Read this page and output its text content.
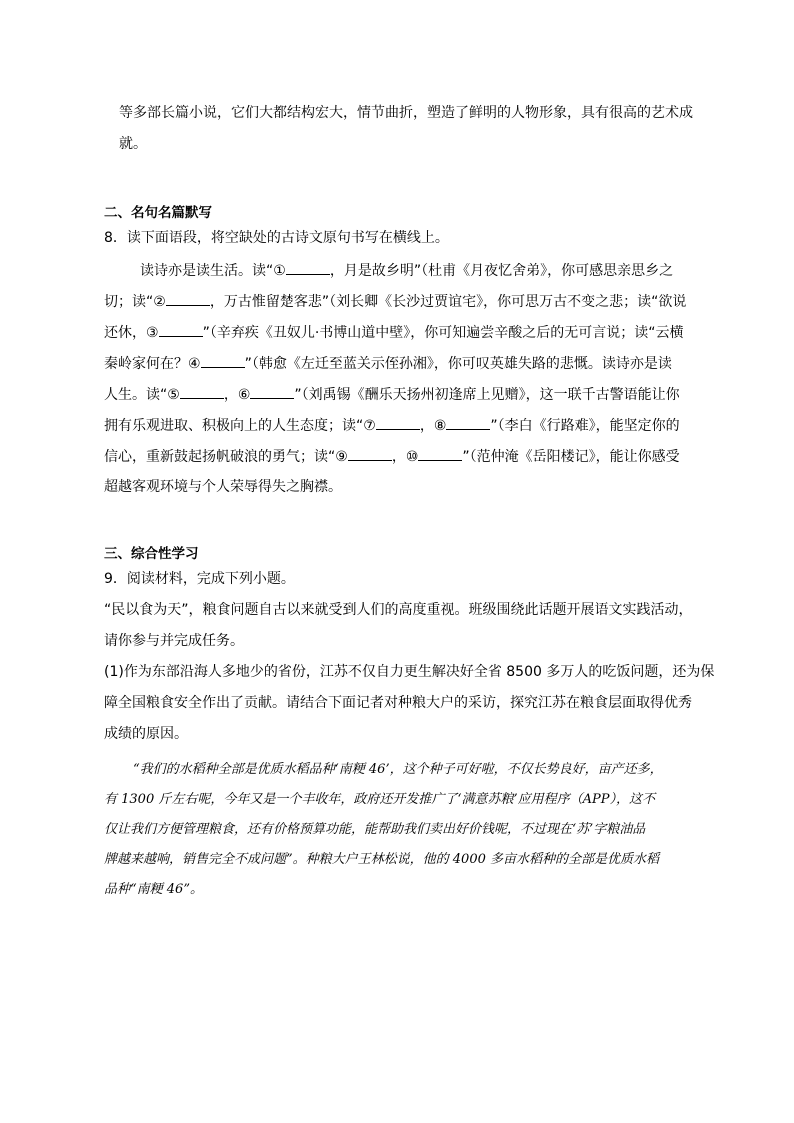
等多部长篇小说，它们大都结构宏大，情节曲折，塑造了鲜明的人物形象，具有很高的艺术成
就。
二、名句名篇默写
8．读下面语段，将空缺处的古诗文原句书写在横线上。
读诗亦是读生活。读“①	，月是故乡明”（杜甫《月夜忆舍弟》，你可感思亲思乡之
切；读“②	，万古惟留楚客悲”（刘长卿《长沙过贾谊宅》，你可思万古不变之悲；读“欲说
还休，③	”（辛弃疾《丑奴儿·书博山道中壁》，你可知遍尝辛酸之后的无可言说；读“云横
秦岭家何在？④	”（韩愈《左迁至蓝关示侄孙湘》，你可叹英雄失路的悲慨。读诗亦是读
人生。读“⑤	，⑥	”（刘禹锡《酬乐天扬州初逢席上见赠》，这一联千古警语能让你
拥有乐观进取、积极向上的人生态度；读“⑦	，⑧	”（李白《行路难》，能坚定你的
信心，重新鼓起扬帆破浪的勇气；读“⑨	，⑩	”（范仲淹《岳阳楼记》，能让你感受
超越客观环境与个人荣辱得失之胸襟。
三、综合性学习
9．阅读材料，完成下列小题。
“民以食为天”，粮食问题自古以来就受到人们的高度重视。班级围绕此话题开展语文实践活动，
请你参与并完成任务。
(1)作为东部沿海人多地少的省份，江苏不仅自力更生解决好全省 8500 多万人的吃饭问题，还为保
障全国粮食安全作出了贡献。请结合下面记者对种粮大户的采访，探究江苏在粮食层面取得优秀
成绩的原因。
“我们的水稻种全部是优质水稻品种‘南粳 46’，这个种子可好啦，不仅长势良好，亩产还多，
有 1300 斤左右呢，今年又是一个丰收年，政府还开发推广了‘满意苏粮’应用程序（APP），这不
仅让我们方便管理粮食，还有价格预算功能，能帮助我们卖出好价钱呢，不过现在‘苏’字粮油品
牌越来越响，销售完全不成问题”。种粮大户王林松说，他的 4000 多亩水稻种的全部是优质水稻
品种“南粳 46”。
